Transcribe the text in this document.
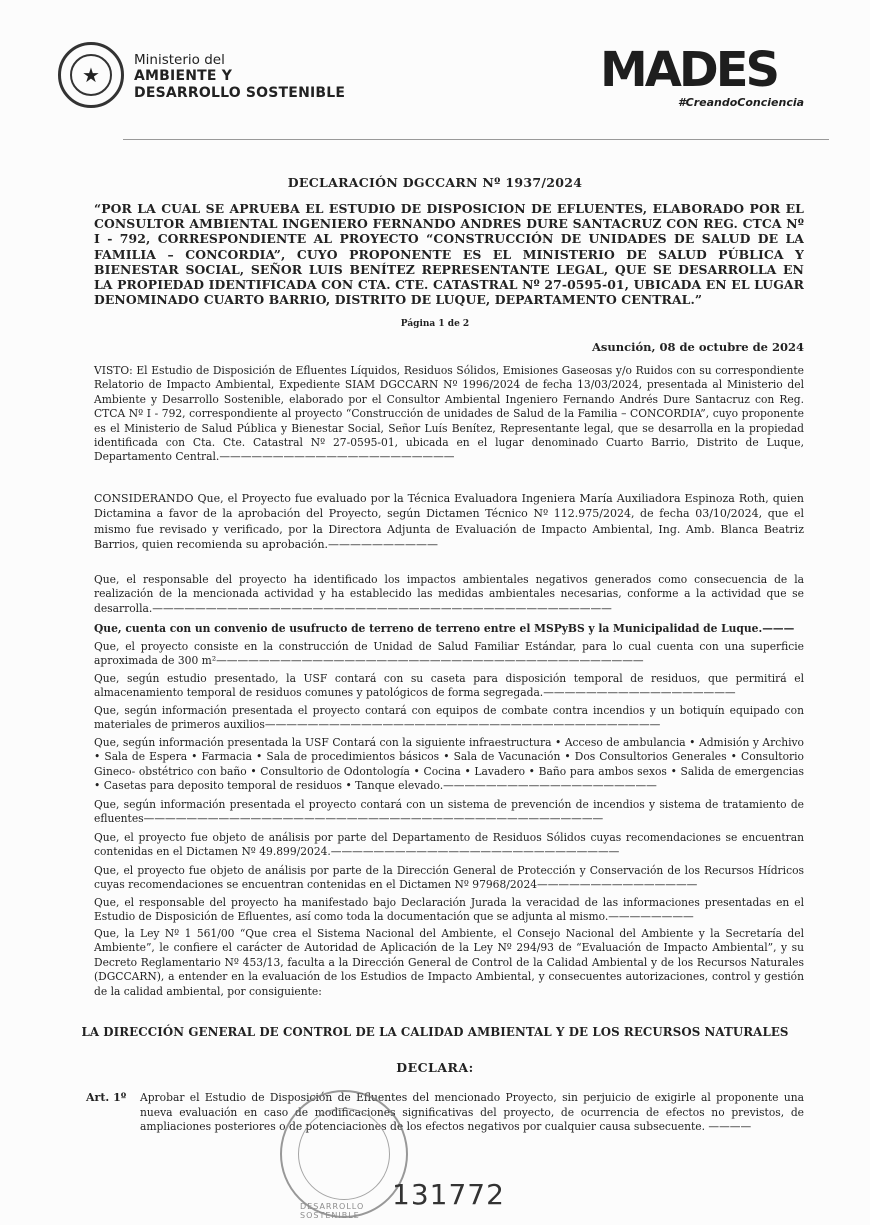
★
Ministerio del
AMBIENTE Y
DESARROLLO SOSTENIBLE	MADES
#CreandoConciencia
DECLARACIÓN DGCCARN Nº 1937/2024
“POR LA CUAL SE APRUEBA EL ESTUDIO DE DISPOSICION DE EFLUENTES, ELABORADO POR EL CONSULTOR AMBIENTAL INGENIERO FERNANDO ANDRES DURE SANTACRUZ CON REG. CTCA Nº I - 792, CORRESPONDIENTE AL PROYECTO “CONSTRUCCIÓN DE UNIDADES DE SALUD DE LA FAMILIA – CONCORDIA”, CUYO PROPONENTE ES EL MINISTERIO DE SALUD PÚBLICA Y BIENESTAR SOCIAL, SEÑOR LUIS BENÍTEZ REPRESENTANTE LEGAL, QUE SE DESARROLLA EN LA PROPIEDAD IDENTIFICADA CON CTA. CTE. CATASTRAL Nº 27-0595-01, UBICADA EN EL LUGAR DENOMINADO CUARTO BARRIO, DISTRITO DE LUQUE, DEPARTAMENTO CENTRAL.”
Página 1 de 2
Asunción, 08 de octubre de 2024
VISTO: El Estudio de Disposición de Efluentes Líquidos, Residuos Sólidos, Emisiones Gaseosas y/o Ruidos con su correspondiente Relatorio de Impacto Ambiental, Expediente SIAM DGCCARN Nº 1996/2024 de fecha 13/03/2024, presentada al Ministerio del Ambiente y Desarrollo Sostenible, elaborado por el Consultor Ambiental Ingeniero Fernando Andrés Dure Santacruz con Reg. CTCA Nº I - 792, correspondiente al proyecto “Construcción de unidades de Salud de la Familia – CONCORDIA”, cuyo proponente es el Ministerio de Salud Pública y Bienestar Social, Señor Luís Benítez, Representante legal, que se desarrolla en la propiedad identificada con Cta. Cte. Catastral Nº 27-0595-01, ubicada en el lugar denominado Cuarto Barrio, Distrito de Luque, Departamento Central.——————————————————————
CONSIDERANDO Que, el Proyecto fue evaluado por la Técnica Evaluadora Ingeniera María Auxiliadora Espinoza Roth, quien Dictamina a favor de la aprobación del Proyecto, según Dictamen Técnico Nº 112.975/2024, de fecha 03/10/2024, que el mismo fue revisado y verificado, por la Directora Adjunta de Evaluación de Impacto Ambiental, Ing. Amb. Blanca Beatriz Barrios, quien recomienda su aprobación.——————————
Que, el responsable del proyecto ha identificado los impactos ambientales negativos generados como consecuencia de la realización de la mencionada actividad y ha establecido las medidas ambientales necesarias, conforme a la actividad que se desarrolla.———————————————————————————————————————————
Que, cuenta con un convenio de usufructo de terreno de terreno entre el MSPyBS y la Municipalidad de Luque.———
Que, el proyecto consiste en la construcción de Unidad de Salud Familiar Estándar, para lo cual cuenta con una superficie aproximada de 300 m²————————————————————————————————————————
Que, según estudio presentado, la USF contará con su caseta para disposición temporal de residuos, que permitirá el almacenamiento temporal de residuos comunes y patológicos de forma segregada.——————————————————
Que, según información presentada el proyecto contará con equipos de combate contra incendios y un botiquín equipado con materiales de primeros auxilios—————————————————————————————————————
Que, según información presentada la USF Contará con la siguiente infraestructura • Acceso de ambulancia • Admisión y Archivo • Sala de Espera • Farmacia • Sala de procedimientos básicos • Sala de Vacunación • Dos Consultorios Generales • Consultorio Gineco- obstétrico con baño • Consultorio de Odontología • Cocina • Lavadero • Baño para ambos sexos • Salida de emergencias • Casetas para deposito temporal de residuos • Tanque elevado.————————————————————
Que, según información presentada el proyecto contará con un sistema de prevención de incendios y sistema de tratamiento de efluentes———————————————————————————————————————————
Que, el proyecto fue objeto de análisis por parte del Departamento de Residuos Sólidos cuyas recomendaciones se encuentran contenidas en el Dictamen Nº 49.899/2024.———————————————————————————
Que, el proyecto fue objeto de análisis por parte de la Dirección General de Protección y Conservación de los Recursos Hídricos cuyas recomendaciones se encuentran contenidas en el Dictamen Nº 97968/2024———————————————
Que, el responsable del proyecto ha manifestado bajo Declaración Jurada la veracidad de las informaciones presentadas en el Estudio de Disposición de Efluentes, así como toda la documentación que se adjunta al mismo.————————
Que, la Ley Nº 1 561/00 “Que crea el Sistema Nacional del Ambiente, el Consejo Nacional del Ambiente y la Secretaría del Ambiente”, le confiere el carácter de Autoridad de Aplicación de la Ley Nº 294/93 de “Evaluación de Impacto Ambiental”, y su Decreto Reglamentario Nº 453/13, faculta a la Dirección General de Control de la Calidad Ambiental y de los Recursos Naturales (DGCCARN), a entender en la evaluación de los Estudios de Impacto Ambiental, y consecuentes autorizaciones, control y gestión de la calidad ambiental, por consiguiente:
LA DIRECCIÓN GENERAL DE CONTROL DE LA CALIDAD AMBIENTAL Y DE LOS RECURSOS NATURALES
DECLARA:
Art. 1º Aprobar el Estudio de Disposición de Efluentes del mencionado Proyecto, sin perjuicio de exigirle al proponente una nueva evaluación en caso de modificaciones significativas del proyecto, de ocurrencia de efectos no previstos, de ampliaciones posteriores o de potenciaciones de los efectos negativos por cualquier causa subsecuente. ————
DESARROLLO SOSTENIBLE
131772
